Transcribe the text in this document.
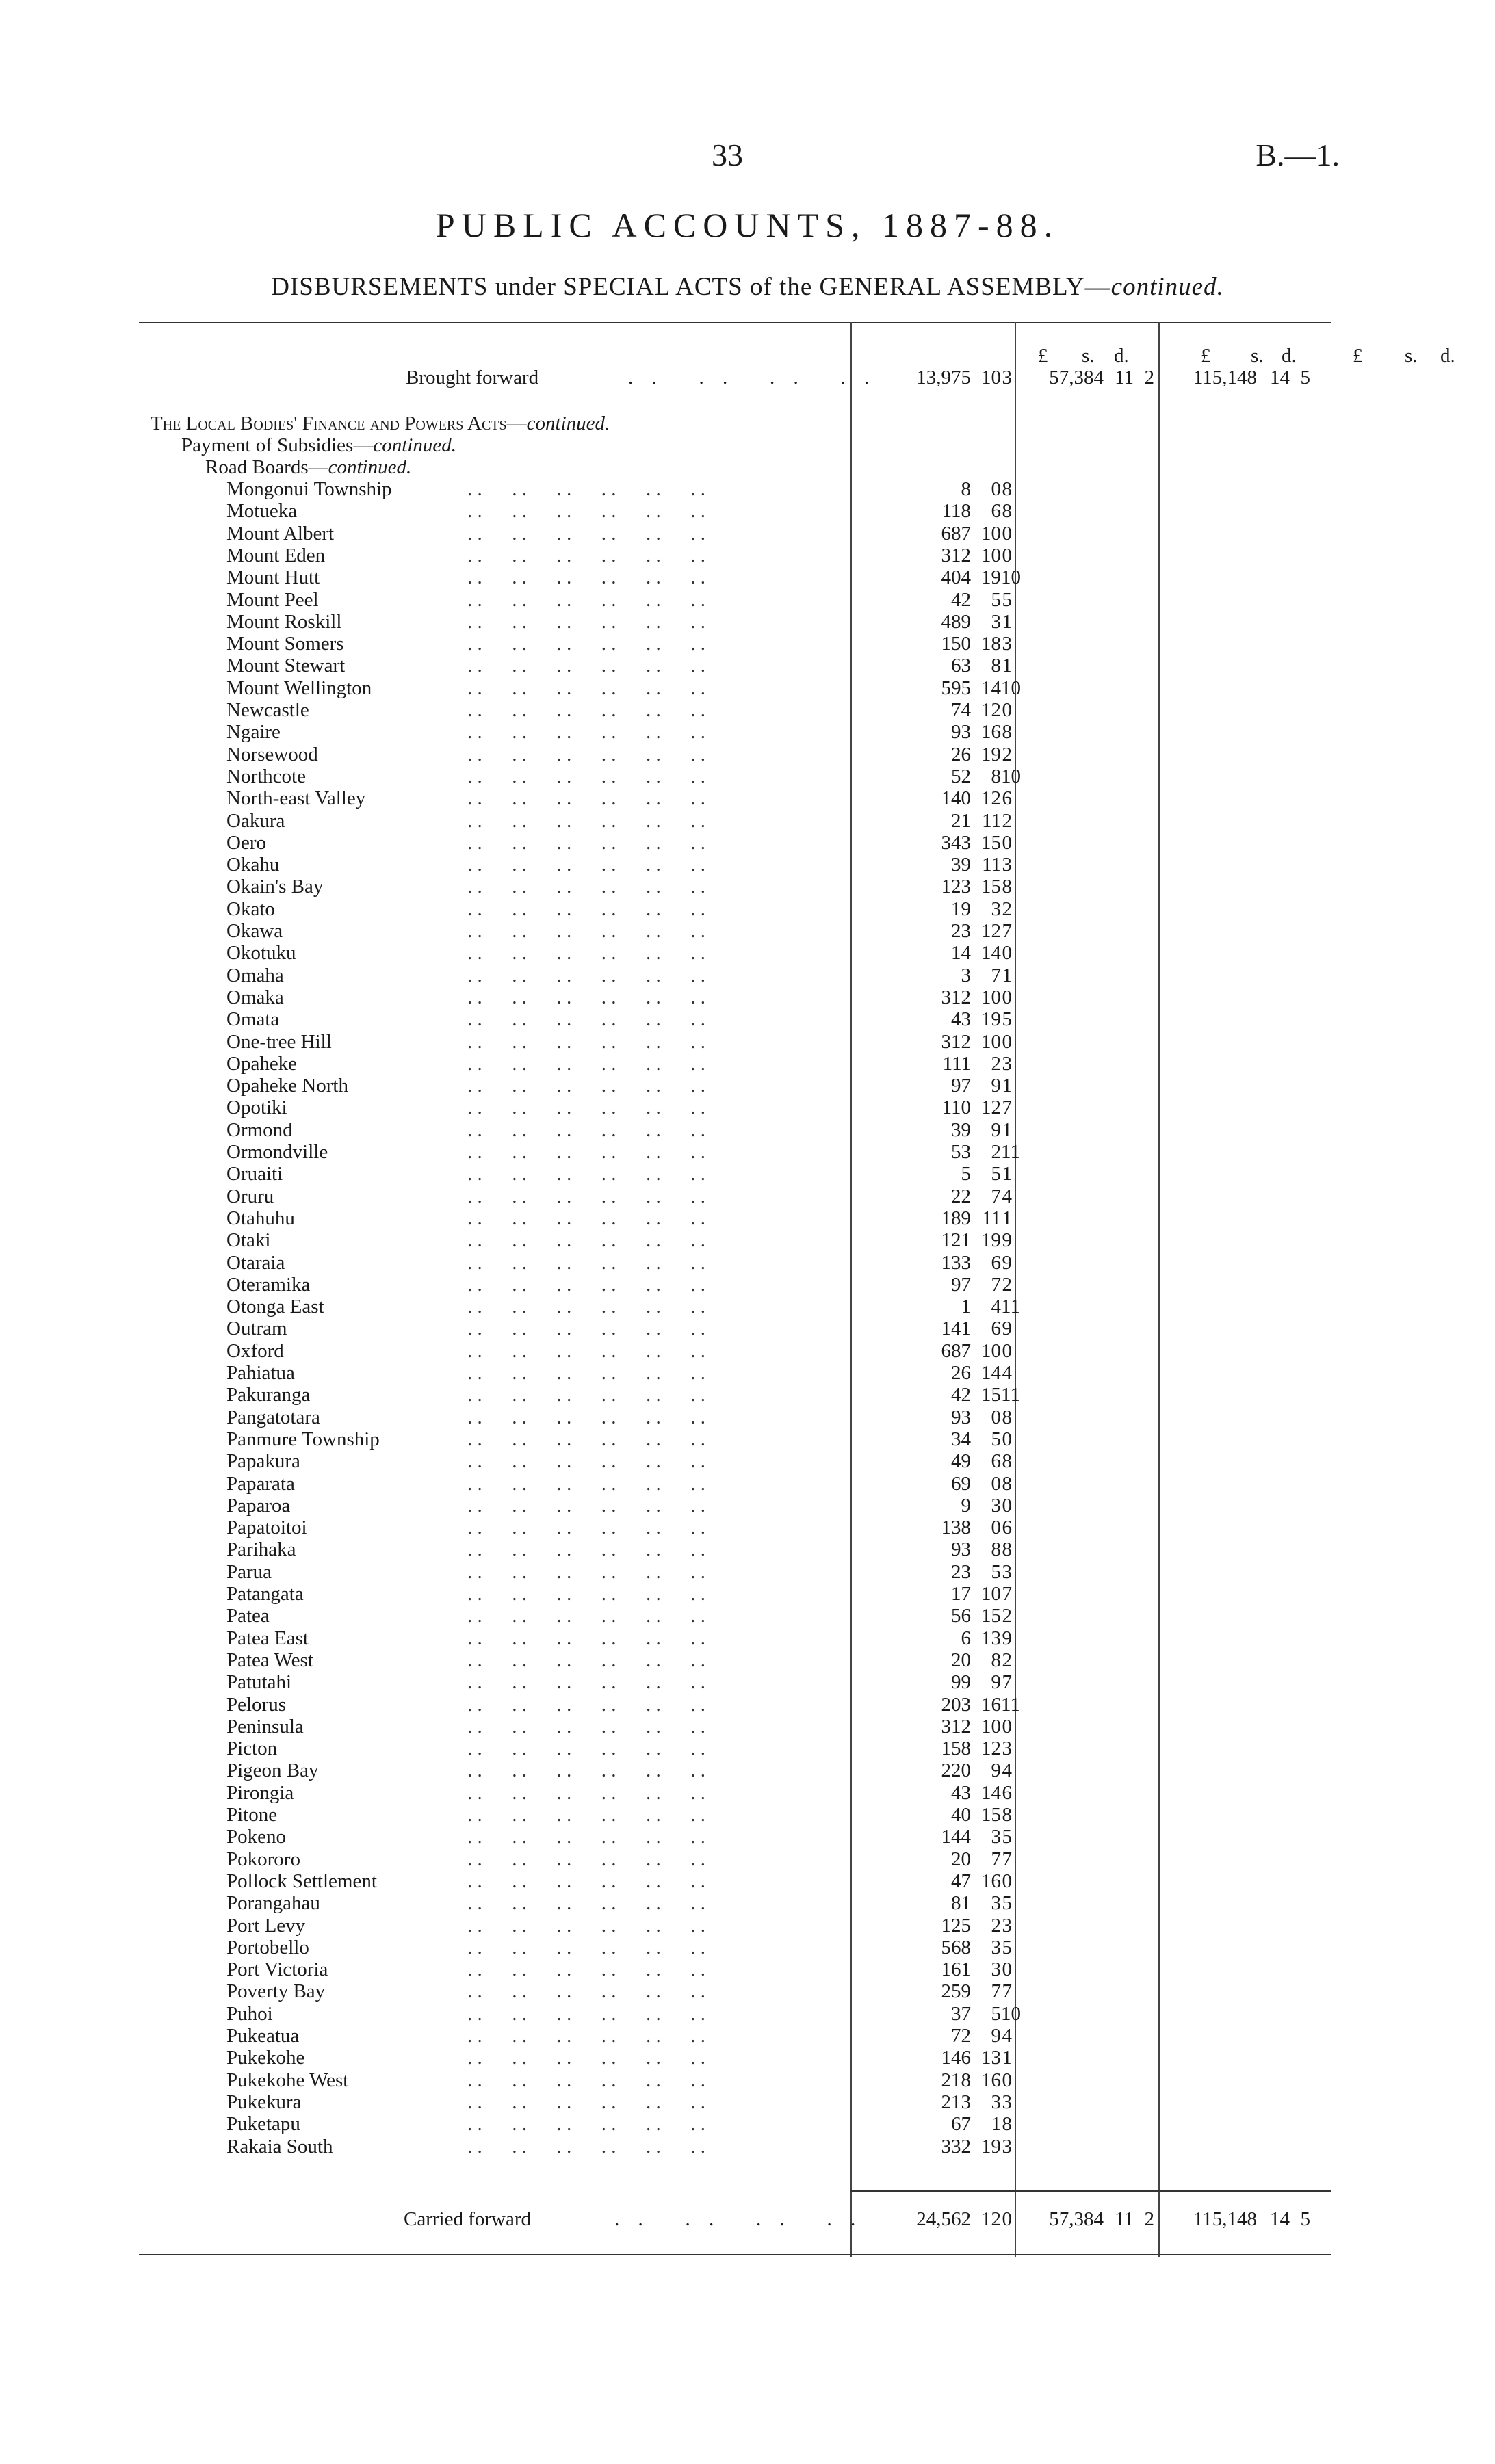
33	B.—1.
PUBLIC ACCOUNTS, 1887-88.
DISBURSEMENTS under SPECIAL ACTS of the GENERAL ASSEMBLY—continued.
£ s. d.	£ s. d.	£ s. d.
Brought forward	. .   . .   . .   . .	13,975 10 3	57,384 11 2	115,148 14 5
The Local Bodies' Finance and Powers Acts—continued.
Payment of Subsidies—continued.
Road Boards—continued.
Mongonui Township	. .      . .      . .      . .      . .      . .	8	0 8
Motueka	. .      . .      . .      . .      . .      . .	118	6 8
Mount Albert	. .      . .      . .      . .      . .      . .	687 10 0
Mount Eden	. .      . .      . .      . .      . .      . .	312 10 0
Mount Hutt	. .      . .      . .      . .      . .      . .	404 19 10
Mount Peel	. .      . .      . .      . .      . .      . .	42	5 5
Mount Roskill	. .      . .      . .      . .      . .      . .	489	3 1
Mount Somers	. .      . .      . .      . .      . .      . .	150 18 3
Mount Stewart	. .      . .      . .      . .      . .      . .	63	8 1
Mount Wellington	. .      . .      . .      . .      . .      . .	595 14 10
Newcastle	. .      . .      . .      . .      . .      . .	74 12 0
Ngaire	. .      . .      . .      . .      . .      . .	93 16 8
Norsewood	. .      . .      . .      . .      . .      . .	26 19 2
Northcote	. .      . .      . .      . .      . .      . .	52	8 10
North-east Valley	. .      . .      . .      . .      . .      . .	140 12 6
Oakura	. .      . .      . .      . .      . .      . .	21 11 2
Oero	. .      . .      . .      . .      . .      . .	343 15 0
Okahu	. .      . .      . .      . .      . .      . .	39 11 3
Okain's Bay	. .      . .      . .      . .      . .      . .	123 15 8
Okato	. .      . .      . .      . .      . .      . .	19	3 2
Okawa	. .      . .      . .      . .      . .      . .	23 12 7
Okotuku	. .      . .      . .      . .      . .      . .	14 14 0
Omaha	. .      . .      . .      . .      . .      . .	3	7 1
Omaka	. .      . .      . .      . .      . .      . .	312 10 0
Omata	. .      . .      . .      . .      . .      . .	43 19 5
One-tree Hill	. .      . .      . .      . .      . .      . .	312 10 0
Opaheke	. .      . .      . .      . .      . .      . .	111	2 3
Opaheke North	. .      . .      . .      . .      . .      . .	97	9 1
Opotiki	. .      . .      . .      . .      . .      . .	110 12 7
Ormond	. .      . .      . .      . .      . .      . .	39	9 1
Ormondville	. .      . .      . .      . .      . .      . .	53	2 11
Oruaiti	. .      . .      . .      . .      . .      . .	5	5 1
Oruru	. .      . .      . .      . .      . .      . .	22	7 4
Otahuhu	. .      . .      . .      . .      . .      . .	189 11 1
Otaki	. .      . .      . .      . .      . .      . .	121 19 9
Otaraia	. .      . .      . .      . .      . .      . .	133	6 9
Oteramika	. .      . .      . .      . .      . .      . .	97	7 2
Otonga East	. .      . .      . .      . .      . .      . .	1	4 11
Outram	. .      . .      . .      . .      . .      . .	141	6 9
Oxford	. .      . .      . .      . .      . .      . .	687 10 0
Pahiatua	. .      . .      . .      . .      . .      . .	26 14 4
Pakuranga	. .      . .      . .      . .      . .      . .	42 15 11
Pangatotara	. .      . .      . .      . .      . .      . .	93	0 8
Panmure Township	. .      . .      . .      . .      . .      . .	34	5 0
Papakura	. .      . .      . .      . .      . .      . .	49	6 8
Paparata	. .      . .      . .      . .      . .      . .	69	0 8
Paparoa	. .      . .      . .      . .      . .      . .	9	3 0
Papatoitoi	. .      . .      . .      . .      . .      . .	138	0 6
Parihaka	. .      . .      . .      . .      . .      . .	93	8 8
Parua	. .      . .      . .      . .      . .      . .	23	5 3
Patangata	. .      . .      . .      . .      . .      . .	17 10 7
Patea	. .      . .      . .      . .      . .      . .	56 15 2
Patea East	. .      . .      . .      . .      . .      . .	6 13 9
Patea West	. .      . .      . .      . .      . .      . .	20	8 2
Patutahi	. .      . .      . .      . .      . .      . .	99	9 7
Pelorus	. .      . .      . .      . .      . .      . .	203 16 11
Peninsula	. .      . .      . .      . .      . .      . .	312 10 0
Picton	. .      . .      . .      . .      . .      . .	158 12 3
Pigeon Bay	. .      . .      . .      . .      . .      . .	220	9 4
Pirongia	. .      . .      . .      . .      . .      . .	43 14 6
Pitone	. .      . .      . .      . .      . .      . .	40 15 8
Pokeno	. .      . .      . .      . .      . .      . .	144	3 5
Pokororo	. .      . .      . .      . .      . .      . .	20	7 7
Pollock Settlement	. .      . .      . .      . .      . .      . .	47 16 0
Porangahau	. .      . .      . .      . .      . .      . .	81	3 5
Port Levy	. .      . .      . .      . .      . .      . .	125	2 3
Portobello	. .      . .      . .      . .      . .      . .	568	3 5
Port Victoria	. .      . .      . .      . .      . .      . .	161	3 0
Poverty Bay	. .      . .      . .      . .      . .      . .	259	7 7
Puhoi	. .      . .      . .      . .      . .      . .	37	5 10
Pukeatua	. .      . .      . .      . .      . .      . .	72	9 4
Pukekohe	. .      . .      . .      . .      . .      . .	146 13 1
Pukekohe West	. .      . .      . .      . .      . .      . .	218 16 0
Pukekura	. .      . .      . .      . .      . .      . .	213	3 3
Puketapu	. .      . .      . .      . .      . .      . .	67	1 8
Rakaia South	. .      . .      . .      . .      . .      . .	332 19 3
Carried forward	. .   . .   . .   . .	24,562 12 0	57,384 11 2	115,148 14 5
